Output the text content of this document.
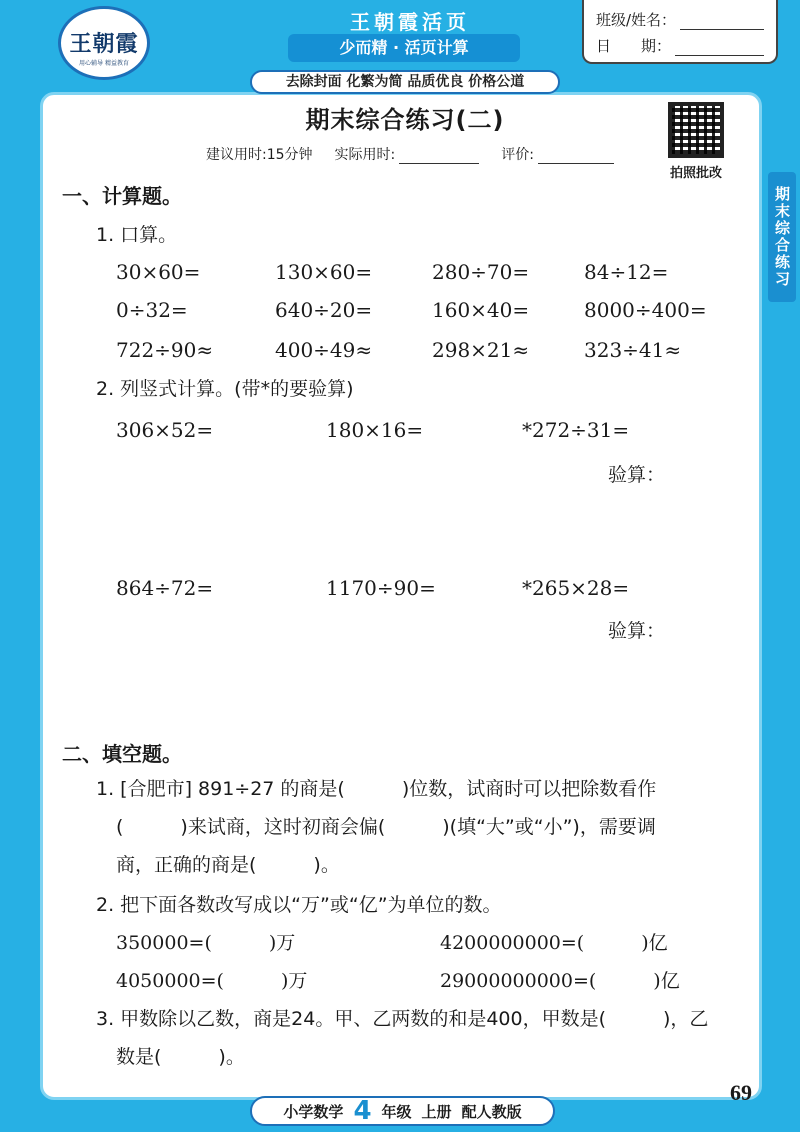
王朝霞
用心辅导 精益教育
王朝霞活页
少而精 · 活页计算
去除封面 化繁为简 品质优良 价格公道
班级/姓名：
日　　期：
期末综合练习
拍照批改
期末综合练习(二)
建议用时:15分钟 实际用时:	评价:
一、计算题。
1. 口算。
30×60=	130×60=	280÷70=	84÷12=
0÷32=	640÷20=	160×40=	8000÷400=
722÷90≈	400÷49≈	298×21≈	323÷41≈
2. 列竖式计算。(带*的要验算)
306×52=	180×16=	*272÷31=
验算：
864÷72=	1170÷90=	*265×28=
验算：
二、填空题。
1. [合肥市] 891÷27 的商是(　　　)位数，试商时可以把除数看作
(　　　)来试商，这时初商会偏(　　　)(填“大”或“小”)，需要调
商，正确的商是(　　　)。
2. 把下面各数改写成以“万”或“亿”为单位的数。
350000=(　　　)万	4200000000=(　　　)亿
4050000=(　　　)万	29000000000=(　　　)亿
3. 甲数除以乙数，商是24。甲、乙两数的和是400，甲数是(　　　)，乙
数是(　　　)。
小学数学 4 年级 上册 配人教版
69
